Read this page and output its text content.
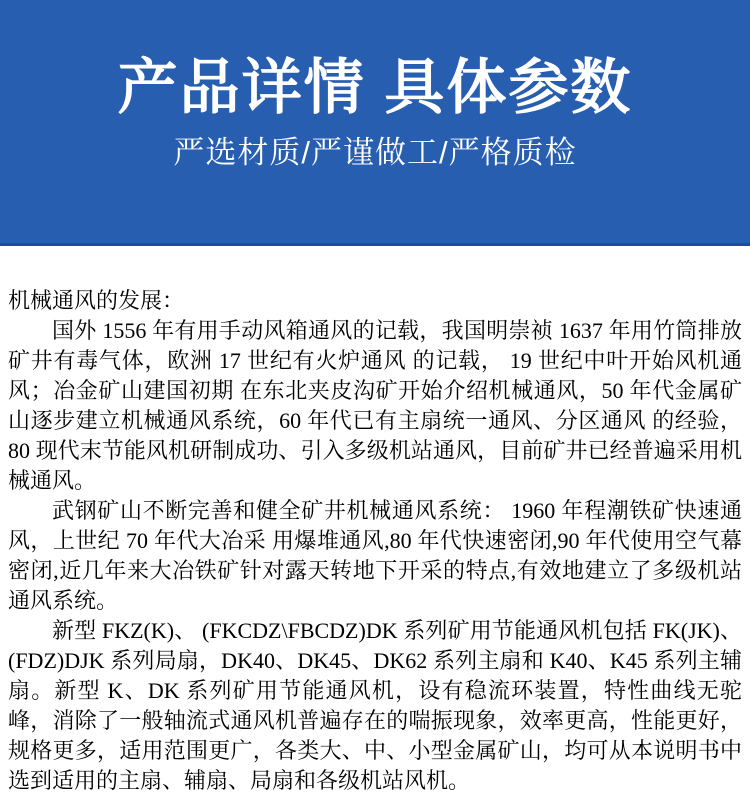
产品详情 具体参数

严选材质/严谨做工/严格质检

机械通风的发展：

国外 1556 年有用手动风箱通风的记载，我国明崇祯 1637 年用竹筒排放矿井有毒气体，欧洲 17 世纪有火炉通风 的记载， 19 世纪中叶开始风机通风；冶金矿山建国初期 在东北夹皮沟矿开始介绍机械通风，50 年代金属矿山逐步建立机械通风系统，60 年代已有主扇统一通风、分区通风 的经验，80 现代末节能风机研制成功、引入多级机站通风，目前矿井已经普遍采用机械通风。

武钢矿山不断完善和健全矿井机械通风系统： 1960 年程潮铁矿快速通风，上世纪 70 年代大冶采 用爆堆通风,80 年代快速密闭,90 年代使用空气幕密闭,近几年来大冶铁矿针对露天转地下开采的特点,有效地建立了多级机站通风系统。

新型 FKZ(K)、 (FKCDZ\FBCDZ)DK 系列矿用节能通风机包括 FK(JK)、(FDZ)DJK 系列局扇，DK40、DK45、DK62 系列主扇和 K40、K45 系列主辅扇。新型 K、DK 系列矿用节能通风机，设有稳流环装置，特性曲线无驼峰，消除了一般轴流式通风机普遍存在的喘振现象，效率更高，性能更好，规格更多，适用范围更广，各类大、中、小型金属矿山，均可从本说明书中选到适用的主扇、辅扇、局扇和各级机站风机。
